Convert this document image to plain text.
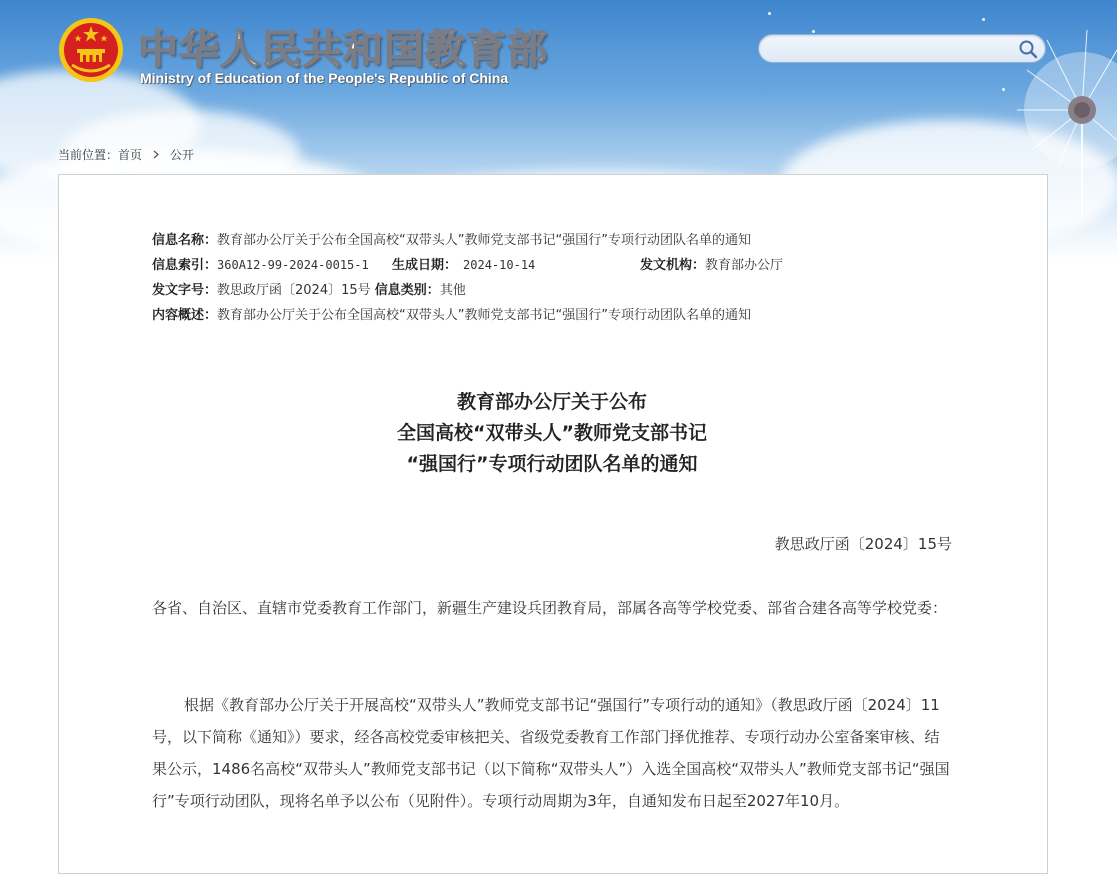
中华人民共和国教育部
Ministry of Education of the People's Republic of China
当前位置：首页 公开
信息名称：教育部办公厅关于公布全国高校“双带头人”教师党支部书记“强国行”专项行动团队名单的通知
信息索引：360A12-99-2024-0015-1 生成日期： 2024-10-14	发文机构：教育部办公厅
发文字号：教思政厅函〔2024〕15号 信息类别：其他
内容概述：教育部办公厅关于公布全国高校“双带头人”教师党支部书记“强国行”专项行动团队名单的通知
教育部办公厅关于公布
全国高校“双带头人”教师党支部书记
“强国行”专项行动团队名单的通知
教思政厅函〔2024〕15号
各省、自治区、直辖市党委教育工作部门，新疆生产建设兵团教育局，部属各高等学校党委、部省合建各高等学校党委：
根据《教育部办公厅关于开展高校“双带头人”教师党支部书记“强国行”专项行动的通知》（教思政厅函〔2024〕11号，以下简称《通知》）要求，经各高校党委审核把关、省级党委教育工作部门择优推荐、专项行动办公室备案审核、结果公示，1486名高校“双带头人”教师党支部书记（以下简称“双带头人”）入选全国高校“双带头人”教师党支部书记“强国行”专项行动团队，现将名单予以公布（见附件）。专项行动周期为3年，自通知发布日起至2027年10月。
